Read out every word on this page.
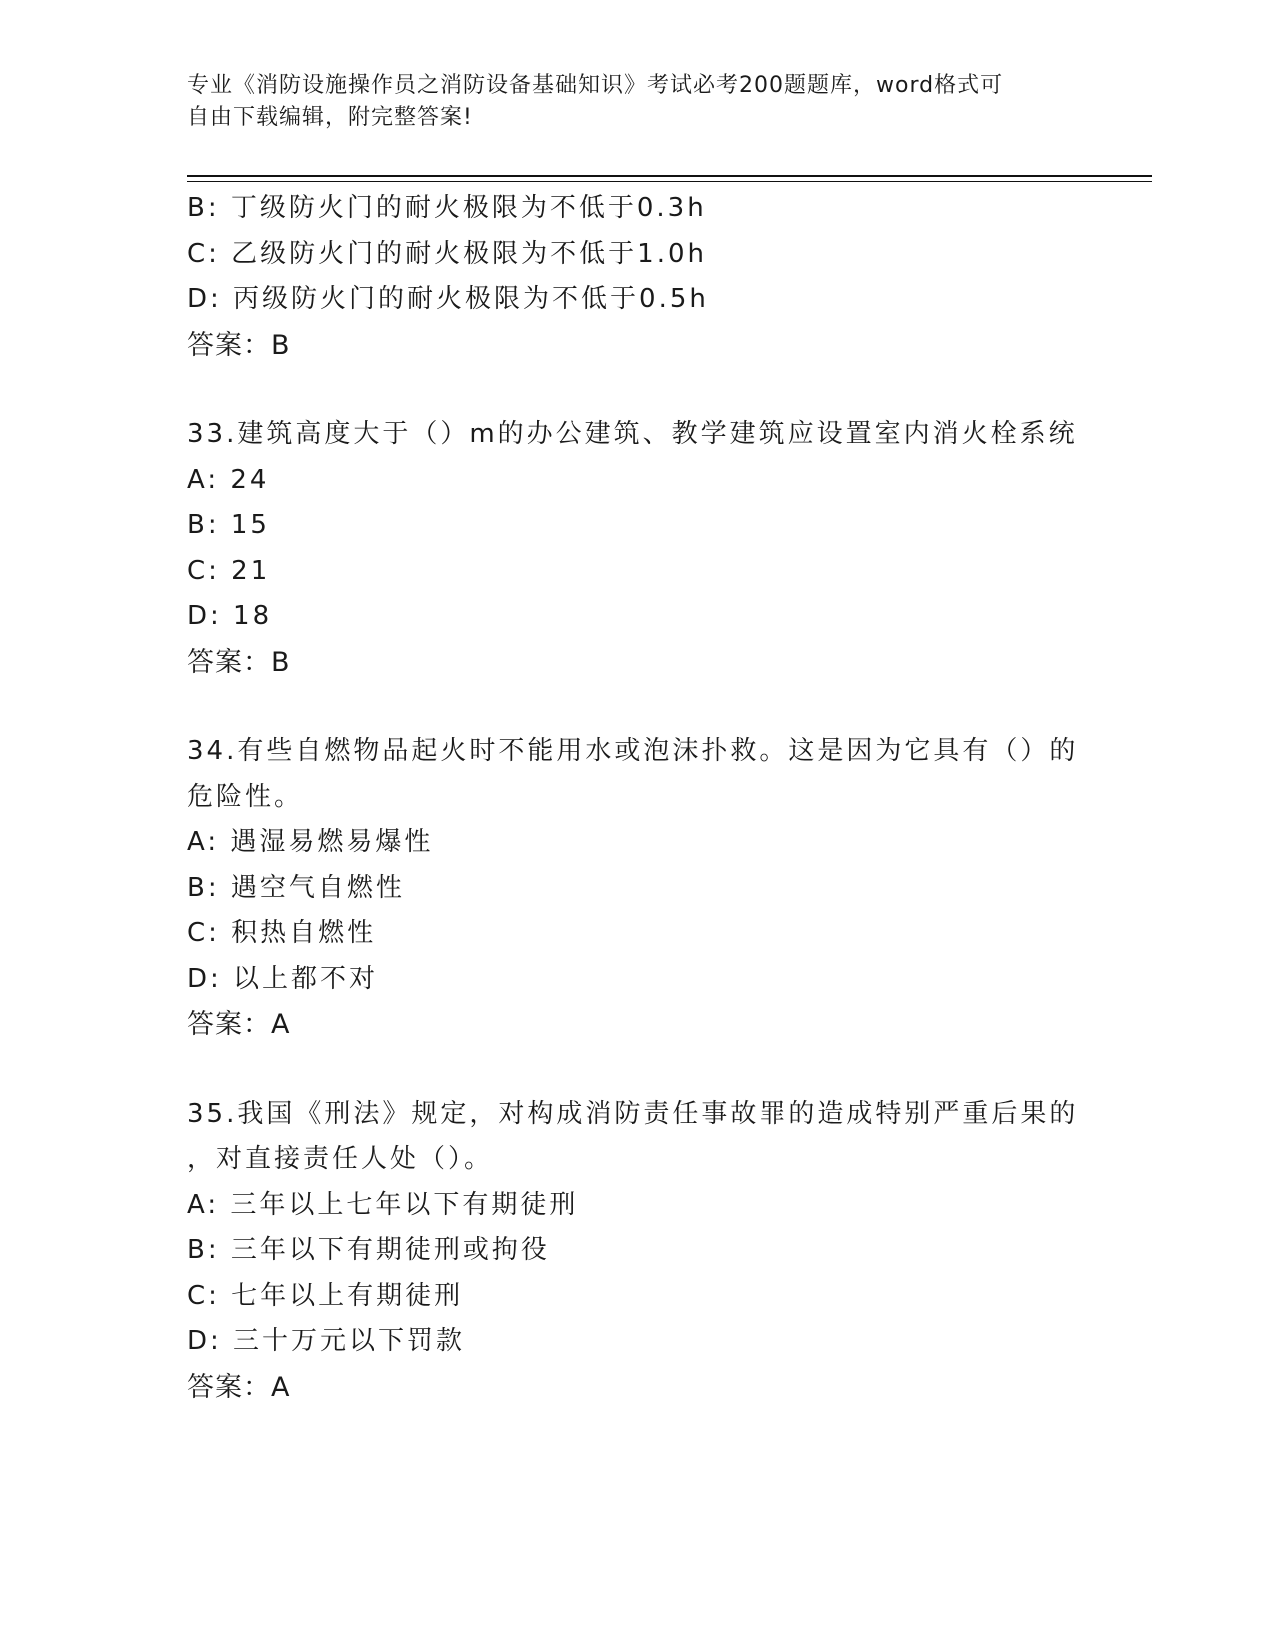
专业《消防设施操作员之消防设备基础知识》考试必考200题题库，word格式可
自由下载编辑，附完整答案!
B: 丁级防火门的耐火极限为不低于0.3h
C: 乙级防火门的耐火极限为不低于1.0h
D: 丙级防火门的耐火极限为不低于0.5h
答案：B
33.建筑高度大于（）m的办公建筑、教学建筑应设置室内消火栓系统
A: 24
B: 15
C: 21
D: 18
答案：B
34.有些自燃物品起火时不能用水或泡沫扑救。这是因为它具有（）的
危险性。
A: 遇湿易燃易爆性
B: 遇空气自燃性
C: 积热自燃性
D: 以上都不对
答案：A
35.我国《刑法》规定，对构成消防责任事故罪的造成特别严重后果的
，对直接责任人处（）。
A: 三年以上七年以下有期徒刑
B: 三年以下有期徒刑或拘役
C: 七年以上有期徒刑
D: 三十万元以下罚款
答案：A
